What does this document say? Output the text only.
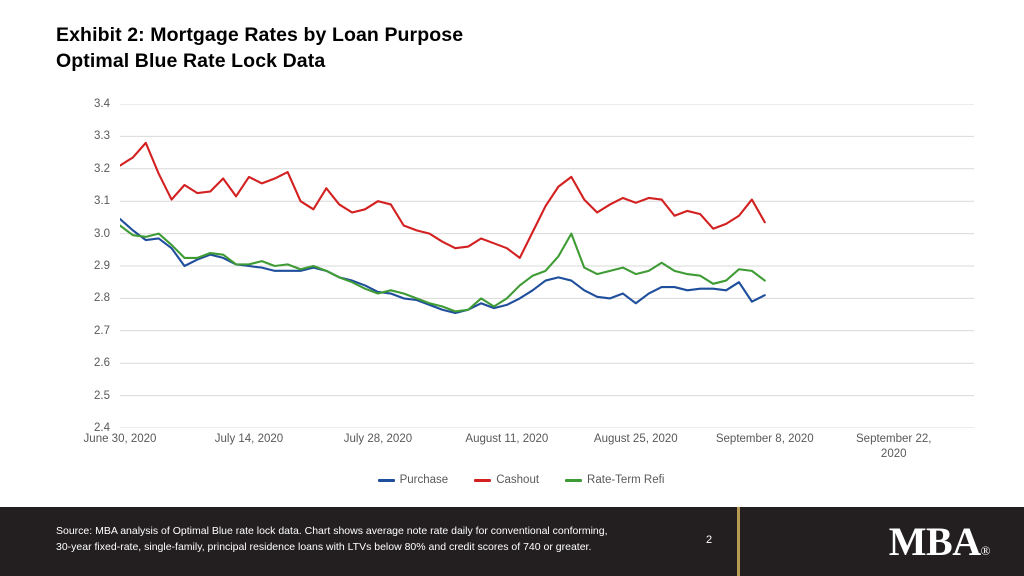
Exhibit 2: Mortgage Rates by Loan Purpose
Optimal Blue Rate Lock Data
3.4
3.3
3.2
3.1
3.0
2.9
2.8
2.7
2.6
2.5
2.4
June 30, 2020	July 14, 2020	July 28, 2020	August 11, 2020	August 25, 2020	September 8, 2020	September 22,
2020
Purchase	Cashout	Rate-Term Refi
Source: MBA analysis of Optimal Blue rate lock data. Chart shows average note rate daily for conventional conforming,
30-year fixed-rate, single-family, principal residence loans with LTVs below 80% and credit scores of 740 or greater.
2	MBA®
